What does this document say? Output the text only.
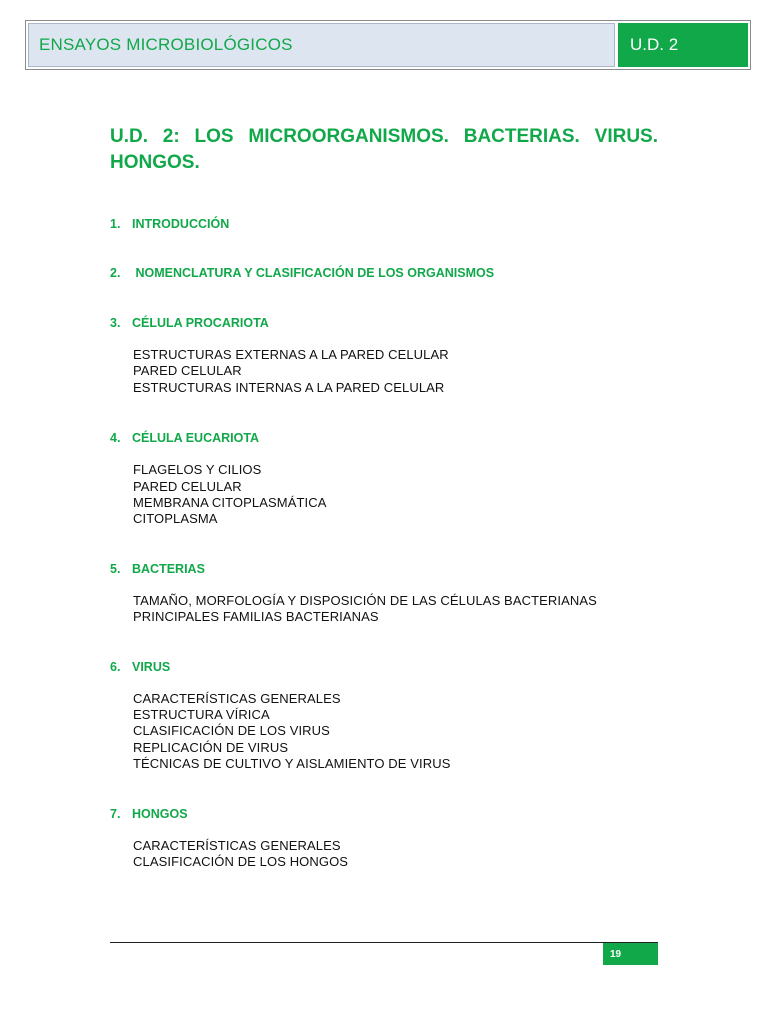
ENSAYOS MICROBIOLÓGICOS	U.D. 2
U.D. 2: LOS MICROORGANISMOS. BACTERIAS. VIRUS. HONGOS.
1. INTRODUCCIÓN
2. NOMENCLATURA Y CLASIFICACIÓN DE LOS ORGANISMOS
3. CÉLULA PROCARIOTA
ESTRUCTURAS EXTERNAS A LA PARED CELULAR
PARED CELULAR
ESTRUCTURAS INTERNAS A LA PARED CELULAR
4. CÉLULA EUCARIOTA
FLAGELOS Y CILIOS
PARED CELULAR
MEMBRANA CITOPLASMÁTICA
CITOPLASMA
5. BACTERIAS
TAMAÑO, MORFOLOGÍA Y DISPOSICIÓN DE LAS CÉLULAS BACTERIANAS
PRINCIPALES FAMILIAS BACTERIANAS
6. VIRUS
CARACTERÍSTICAS GENERALES
ESTRUCTURA VÍRICA
CLASIFICACIÓN DE LOS VIRUS
REPLICACIÓN DE VIRUS
TÉCNICAS DE CULTIVO Y AISLAMIENTO DE VIRUS
7. HONGOS
CARACTERÍSTICAS GENERALES
CLASIFICACIÓN DE LOS HONGOS
19
